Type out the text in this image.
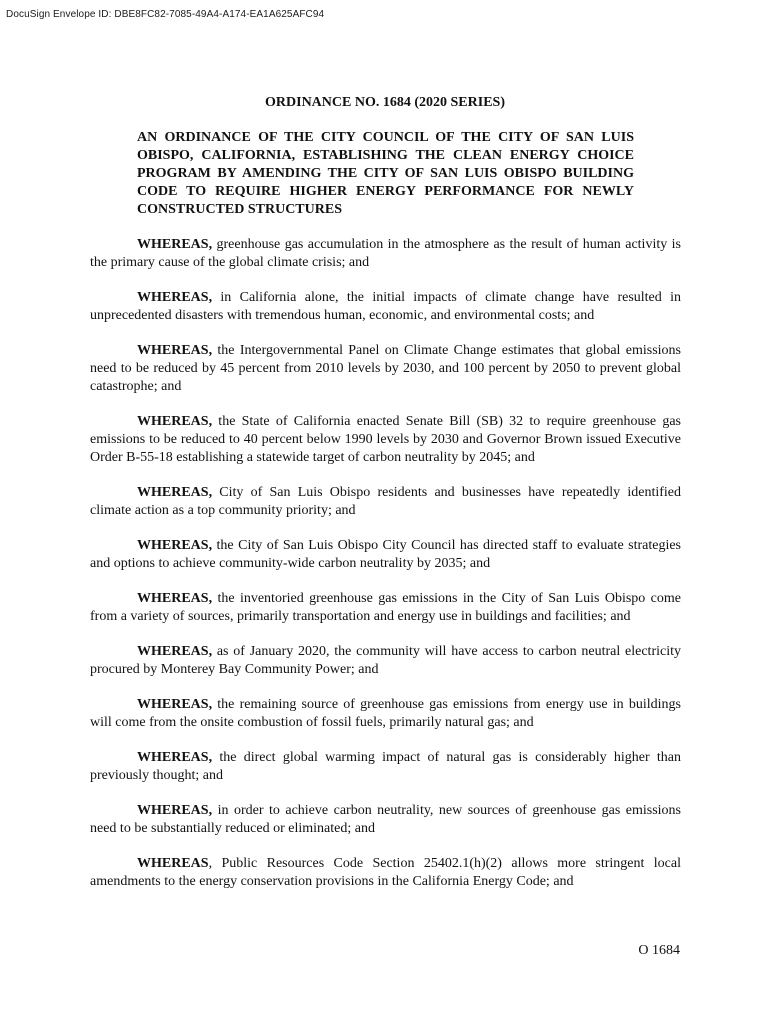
DocuSign Envelope ID: DBE8FC82-7085-49A4-A174-EA1A625AFC94
ORDINANCE NO. 1684 (2020 SERIES)
AN ORDINANCE OF THE CITY COUNCIL OF THE CITY OF SAN LUIS OBISPO, CALIFORNIA, ESTABLISHING THE CLEAN ENERGY CHOICE PROGRAM BY AMENDING THE CITY OF SAN LUIS OBISPO BUILDING CODE TO REQUIRE HIGHER ENERGY PERFORMANCE FOR NEWLY CONSTRUCTED STRUCTURES

WHEREAS, greenhouse gas accumulation in the atmosphere as the result of human activity is the primary cause of the global climate crisis; and

WHEREAS, in California alone, the initial impacts of climate change have resulted in unprecedented disasters with tremendous human, economic, and environmental costs; and

WHEREAS, the Intergovernmental Panel on Climate Change estimates that global emissions need to be reduced by 45 percent from 2010 levels by 2030, and 100 percent by 2050 to prevent global catastrophe; and

WHEREAS, the State of California enacted Senate Bill (SB) 32 to require greenhouse gas emissions to be reduced to 40 percent below 1990 levels by 2030 and Governor Brown issued Executive Order B-55-18 establishing a statewide target of carbon neutrality by 2045; and

WHEREAS, City of San Luis Obispo residents and businesses have repeatedly identified climate action as a top community priority; and

WHEREAS, the City of San Luis Obispo City Council has directed staff to evaluate strategies and options to achieve community-wide carbon neutrality by 2035; and

WHEREAS, the inventoried greenhouse gas emissions in the City of San Luis Obispo come from a variety of sources, primarily transportation and energy use in buildings and facilities; and

WHEREAS, as of January 2020, the community will have access to carbon neutral electricity procured by Monterey Bay Community Power; and

WHEREAS, the remaining source of greenhouse gas emissions from energy use in buildings will come from the onsite combustion of fossil fuels, primarily natural gas; and

WHEREAS, the direct global warming impact of natural gas is considerably higher than previously thought; and

WHEREAS, in order to achieve carbon neutrality, new sources of greenhouse gas emissions need to be substantially reduced or eliminated; and

WHEREAS, Public Resources Code Section 25402.1(h)(2) allows more stringent local amendments to the energy conservation provisions in the California Energy Code; and

O 1684
